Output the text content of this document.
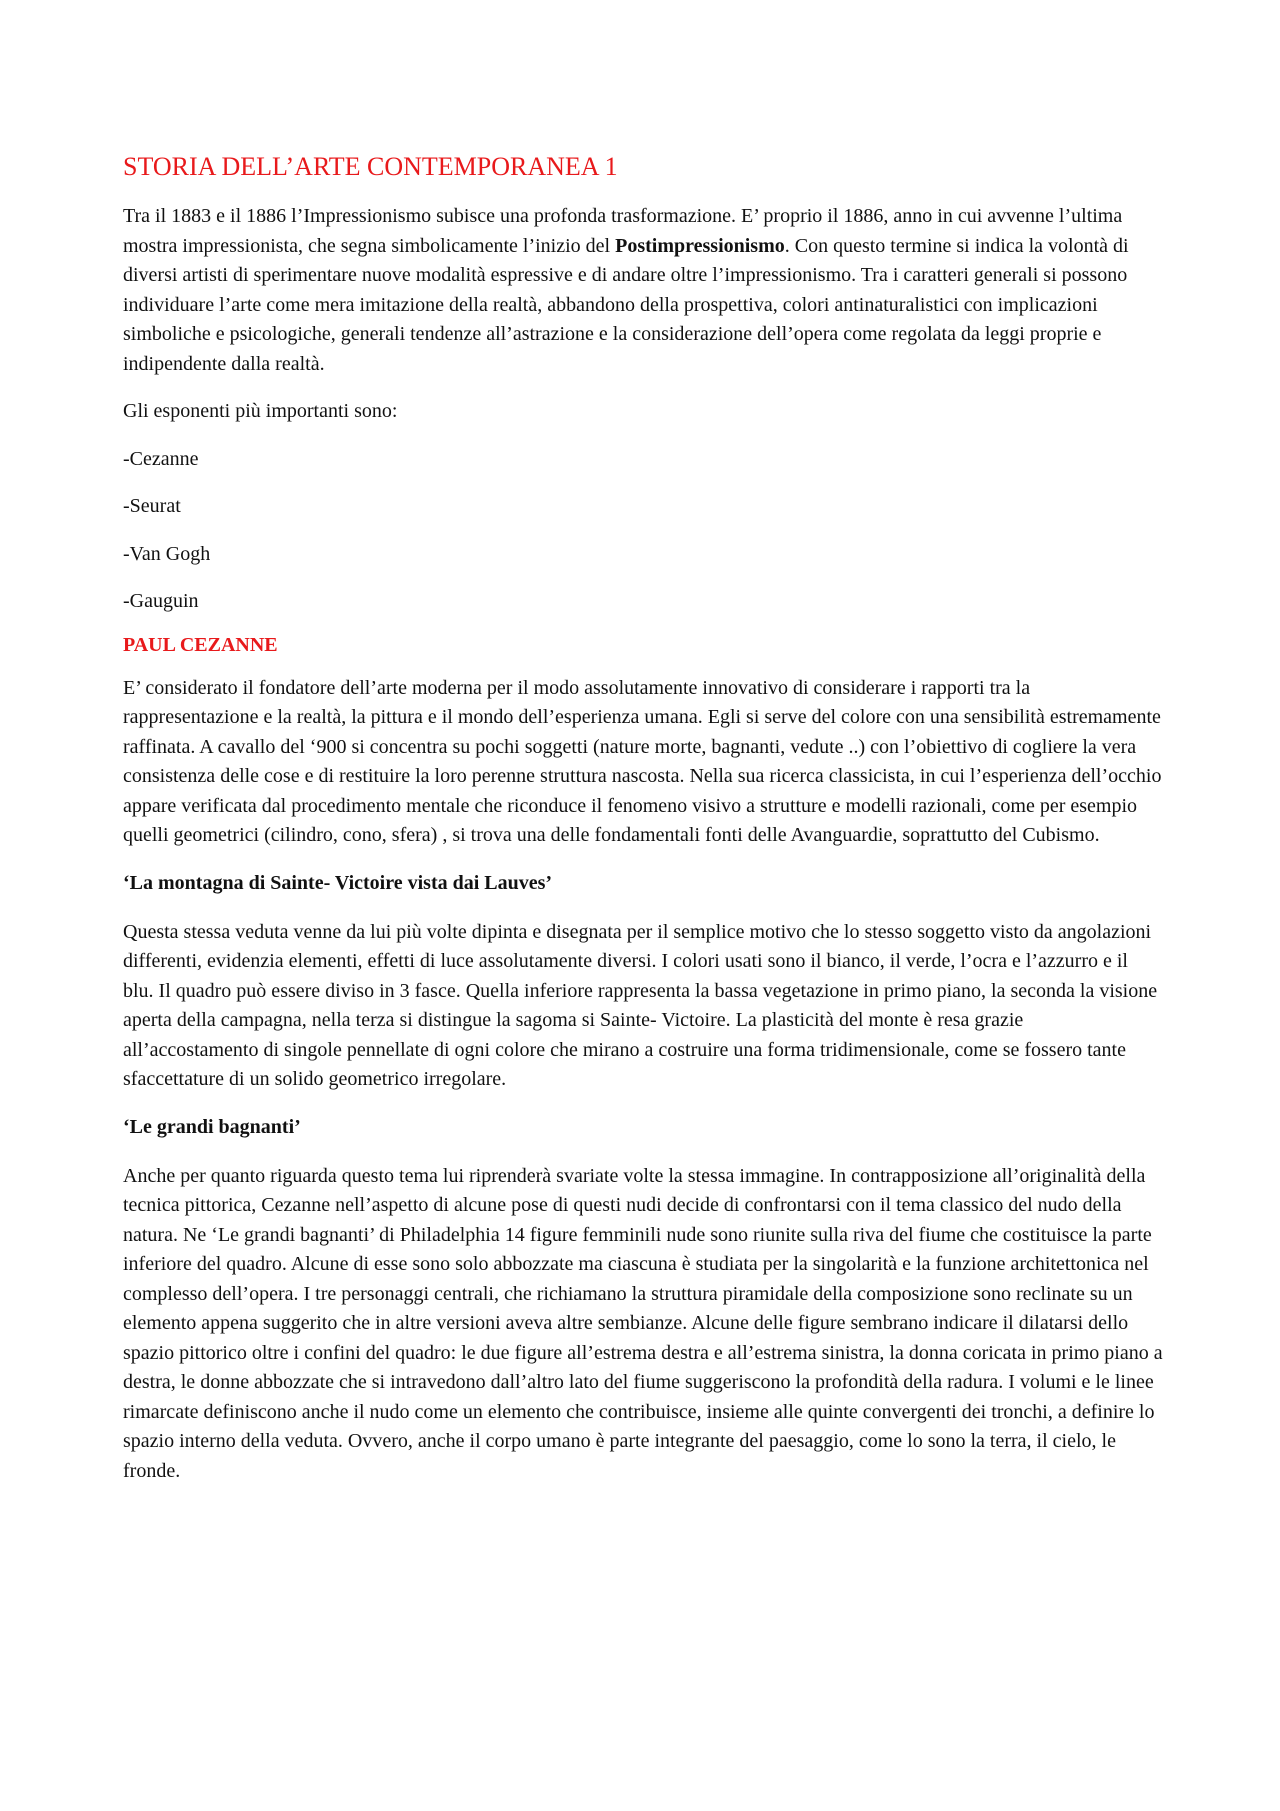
STORIA DELL’ARTE CONTEMPORANEA 1

Tra il 1883 e il 1886 l’Impressionismo subisce una profonda trasformazione. E’ proprio il 1886, anno in cui avvenne l’ultima mostra impressionista, che segna simbolicamente l’inizio del Postimpressionismo. Con questo termine si indica la volontà di diversi artisti di sperimentare nuove modalità espressive e di andare oltre l’impressionismo. Tra i caratteri generali si possono individuare l’arte come mera imitazione della realtà, abbandono della prospettiva, colori antinaturalistici con implicazioni simboliche e psicologiche, generali tendenze all’astrazione e la considerazione dell’opera come regolata da leggi proprie e indipendente dalla realtà.

Gli esponenti più importanti sono:

-Cezanne

-Seurat

-Van Gogh

-Gauguin

PAUL CEZANNE

E’ considerato il fondatore dell’arte moderna per il modo assolutamente innovativo di considerare i rapporti tra la rappresentazione e la realtà, la pittura e il mondo dell’esperienza umana. Egli si serve del colore con una sensibilità estremamente raffinata. A cavallo del ‘900 si concentra su pochi soggetti (nature morte, bagnanti, vedute ..) con l’obiettivo di cogliere la vera consistenza delle cose e di restituire la loro perenne struttura nascosta. Nella sua ricerca classicista, in cui l’esperienza dell’occhio appare verificata dal procedimento mentale che riconduce il fenomeno visivo a strutture e modelli razionali, come per esempio quelli geometrici (cilindro, cono, sfera) , si trova una delle fondamentali fonti delle Avanguardie, soprattutto del Cubismo.

‘La montagna di Sainte- Victoire vista dai Lauves’

Questa stessa veduta venne da lui più volte dipinta e disegnata per il semplice motivo che lo stesso soggetto visto da angolazioni differenti, evidenzia elementi, effetti di luce assolutamente diversi. I colori usati sono il bianco, il verde, l’ocra e l’azzurro e il blu. Il quadro può essere diviso in 3 fasce. Quella inferiore rappresenta la bassa vegetazione in primo piano, la seconda la visione aperta della campagna, nella terza si distingue la sagoma si Sainte- Victoire. La plasticità del monte è resa grazie all’accostamento di singole pennellate di ogni colore che mirano a costruire una forma tridimensionale, come se fossero tante sfaccettature di un solido geometrico irregolare.

‘Le grandi bagnanti’

Anche per quanto riguarda questo tema lui riprenderà svariate volte la stessa immagine. In contrapposizione all’originalità della tecnica pittorica, Cezanne nell’aspetto di alcune pose di questi nudi decide di confrontarsi con il tema classico del nudo della natura. Ne ‘Le grandi bagnanti’ di Philadelphia 14 figure femminili nude sono riunite sulla riva del fiume che costituisce la parte inferiore del quadro. Alcune di esse sono solo abbozzate ma ciascuna è studiata per la singolarità e la funzione architettonica nel complesso dell’opera. I tre personaggi centrali, che richiamano la struttura piramidale della composizione sono reclinate su un elemento appena suggerito che in altre versioni aveva altre sembianze. Alcune delle figure sembrano indicare il dilatarsi dello spazio pittorico oltre i confini del quadro: le due figure all’estrema destra e all’estrema sinistra, la donna coricata in primo piano a destra, le donne abbozzate che si intravedono dall’altro lato del fiume suggeriscono la profondità della radura. I volumi e le linee rimarcate definiscono anche il nudo come un elemento che contribuisce, insieme alle quinte convergenti dei tronchi, a definire lo spazio interno della veduta. Ovvero, anche il corpo umano è parte integrante del paesaggio, come lo sono la terra, il cielo, le fronde.
